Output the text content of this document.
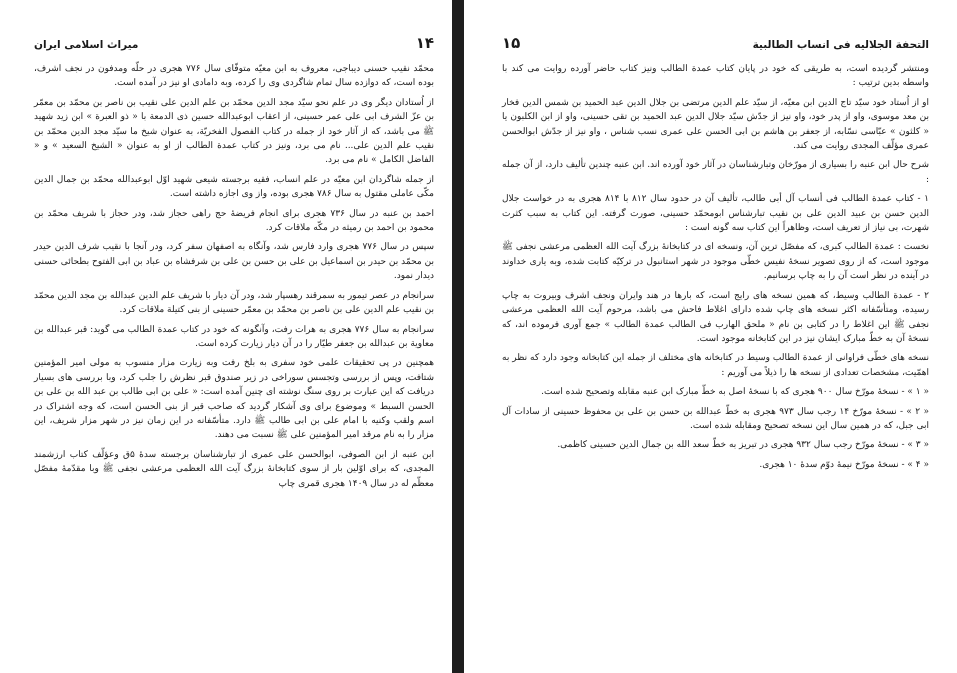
میراث اسلامی ایران	١۴

محمّد نقیب حسنی دیباجی، معروف به ابن معیّه متوفّای سال ۷۷۶ هجری در حلّه ومدفون در نجف اشرف، بوده است، که دوازده سال تمام شاگردی وی را کرده، وبه دامادی او نیز در آمده است.

از اُستادان دیگر وی در علم نحو سیّد مجد الدین محمّد بن علم الدین علی نقیب بن ناصر بن محمّد بن معمّر بن عزّ الشرف ابی علی عمر حسینی، از اعقاب ابوعبدالله حسین ذی الدمعة با « ذو العبرة » ابن زید شهید ﷺ می باشد، که از آثار خود از جمله در کتاب الفصول الفخریّة، به عنوان شیخ ما سیّد مجد الدین محمّد بن نقیب علم الدین علی... نام می برد، ونیز در کتاب عمدة الطالب از او به عنوان « الشیخ السعید » و « الفاضل الکامل » نام می برد.

از جمله شاگردان ابن معیّه در علم انساب، فقیه برجسته شیعی شهید اوّل ابوعبدالله محمّد بن جمال الدین مکّی عاملی مقتول به سال ۷۸۶ هجری بوده، واز وی اجازه داشته است.

احمد بن عنبه در سال ۷۳۶ هجری برای انجام فریضهٔ حج راهی حجاز شد، ودر حجاز با شریف محمّد بن محمود بن احمد بن رمیثه در مکّه ملاقات کرد.

سپس در سال ۷۷۶ هجری وارد فارس شد، وآنگاه به اصفهان سفر کرد، ودر آنجا با نقیب شرف الدین حیدر بن محمّد بن حیدر بن اسماعیل بن علی بن حسن بن علی بن شرفشاه بن عباد بن ابی الفتوح بطحائی حسنی دیدار نمود.

سرانجام در عصر تیمور به سمرقند رهسپار شد، ودر آن دیار با شریف علم الدین عبدالله بن مجد الدین محمّد بن نقیب علم الدین علی بن ناصر بن محمّد بن معمّر حسینی از بنی کتیلة ملاقات کرد.

سرانجام به سال ۷۷۶ هجری به هرات رفت، وآنگونه که خود در کتاب عمدة الطالب می گوید: قبر عبدالله بن معاویة بن عبدالله بن جعفر طیّار را در آن دیار زیارت کرده است.

همچنین در پی تحقیقات علمی خود سفری به بلخ رفت وبه زیارت مزار منسوب به مولی امیر المؤمنین شتافت، وپس از بررسی وتجسس سوراخی در زیر صندوق قبر نظرش را جلب کرد، وبا بررسی های بسیار دریافت که این عبارت بر روی سنگ نوشته ای چنین آمده است: « علی بن ابی طالب بن عبد الله بن علی بن الحسن السبط » وموضوع برای وی آشکار گردید که صاحب قبر از بنی الحسن است، که وجه اشتراک در اسم ولقب وکنیه با امام علی بن ابی طالب ﷺ دارد. متأسّفانه در این زمان نیز در شهر مزار شریف، این مزار را به نام مرقد امیر المؤمنین علی ﷺ نسبت می دهند.

ابن عنبه از ابن الصوفی، ابوالحسن علی عمری از تبارشناسان برجسته سدهٔ ۵ق وعؤلّف کتاب ارزشمند المجدی، که برای اوّلین بار از سوی کتابخانهٔ بزرگ آیت الله العظمی مرعشی نجفی ﷺ وبا مقدّمهٔ مفصّل معظّم له در سال ۱۴۰۹ هجری قمری چاپ

١۵	التحفة الجلالیه فی انساب الطالبیة

ومنتشر گردیده است، به طریقی که خود در پایان کتاب عمدة الطالب ونیز کتاب حاضر آورده روایت می کند با واسطه بدین ترتیب :

او از اُستاد خود سیّد تاج الدین ابن معیّه، از سیّد علم الدین مرتضی بن جلال الدین عبد الحمید بن شمس الدین فخار بن معد موسوی، واو از پدر خود، واو نیز از جدّش سیّد جلال الدین عبد الحمید بن تقی حسینی، واو از ابن الکلبون یا « کلثون » عبّاسی نسّابه، از جعفر بن هاشم بن ابی الحسن علی عمری نسب شناس ، واو نیز از جدّش ابوالحسن عمری مؤلّف المجدی روایت می کند.

شرح حال ابن عنبه را بسیاری از مورّخان وتبارشناسان در آثار خود آورده اند. ابن عنبه چندین تألیف دارد، از آن جمله :

۱ - کتاب عمدة الطالب فی أنساب آل أبی طالب، تألیف آن در حدود سال ۸۱۲ با ۸۱۴ هجری به در خواست جلال الدین حسن بن عبید الدین علی بن نقیب تبارشناس ابومحمّد حسینی، صورت گرفته. این کتاب به سبب کثرت شهرت، بی نیاز از تعریف است، وظاهراً این کتاب سه گونه است :

نخست : عمدة الطالب کبری، که مفصّل ترین آن، ونسخه ای در کتابخانهٔ بزرگ آیت الله العظمی مرعشی نجفی ﷺ موجود است، که از روی تصویر نسخهٔ نفیس خطّی موجود در شهر استانبول در ترکیّه کتابت شده، وبه یاری خداوند در آینده در نظر است آن را به چاپ برسانیم.

۲ - عمدة الطالب وسیط، که همین نسخه های رایج است، که بارها در هند وایران ونجف اشرف وبیروت به چاپ رسیده، ومتأسّفانه اکثر نسخه های چاپ شده دارای اغلاط فاحش می باشد، مرحوم آیت الله العظمی مرعشی نجفی ﷺ این اغلاط را در کتابی بن نام « ملحق الهارب فی الطالب عمدة الطالب » جمع آوری فرموده اند، که نسخهٔ آن به خطّ مبارک ایشان نیز در این کتابخانه موجود است.

نسخه های خطّی فراوانی از عمدة الطالب وسیط در کتابخانه های مختلف از جمله این کتابخانه وجود دارد که نظر به اهمّیت، مشخصات تعدادی از نسخه ها را ذیلاً می آوریم :

« ۱ » - نسخهٔ مورّخ سال ۹۰۰ هجری که با نسخهٔ اصل به خطّ مبارک ابن عنبه مقابله وتصحیح شده است.

« ۲ » - نسخهٔ مورّخ ۱۴ رجب سال ۹۷۳ هجری به خطّ عبدالله بن حسن بن علی بن محفوظ حسینی از سادات آل ابی جبل، که در همین سال این نسخه تصحیح ومقابله شده است.

« ۳ » - نسخهٔ مورّخ رجب سال ۹۳۲ هجری در تبریز به خطّ سعد الله بن جمال الدین حسینی کاظمی.

« ۴ » - نسخهٔ مورّخ نیمهٔ دوّم سدهٔ ۱۰ هجری.
